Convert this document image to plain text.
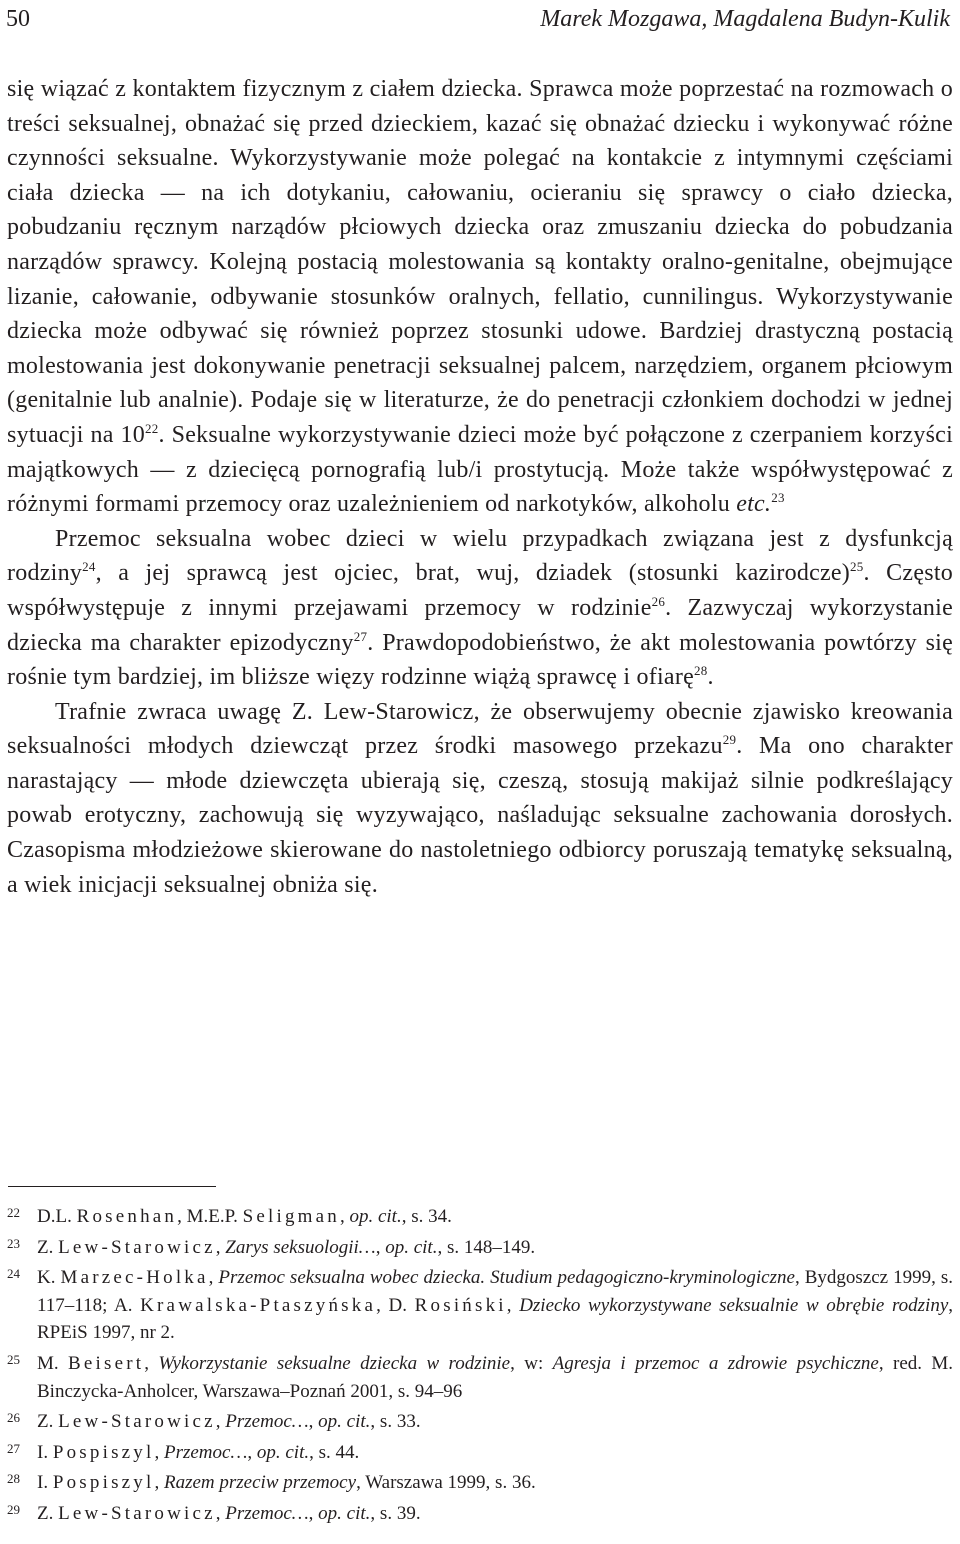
50	Marek Mozgawa, Magdalena Budyn-Kulik

się wiązać z kontaktem fizycznym z ciałem dziecka. Sprawca może poprzestać na rozmowach o treści seksualnej, obnażać się przed dzieckiem, kazać się obnażać dziecku i wykonywać różne czynności seksualne. Wykorzystywanie może polegać na kontakcie z intymnymi częściami ciała dziecka — na ich dotykaniu, całowaniu, ocieraniu się sprawcy o ciało dziecka, pobudzaniu ręcznym narządów płciowych dziecka oraz zmuszaniu dziecka do pobudzania narządów sprawcy. Kolejną postacią molestowania są kontakty oralno-genitalne, obejmujące lizanie, całowanie, odbywanie stosunków oralnych, fellatio, cunnilingus. Wykorzystywanie dziecka może odbywać się również poprzez stosunki udowe. Bardziej drastyczną postacią molestowania jest dokonywanie penetracji seksualnej palcem, narzędziem, organem płciowym (genitalnie lub analnie). Podaje się w literaturze, że do penetracji członkiem dochodzi w jednej sytuacji na $10^{22}$. Seksualne wykorzystywanie dzieci może być połączone z czerpaniem korzyści majątkowych — z dziecięcą pornografią lub/i prostytucją. Może także współwystępować z różnymi formami przemocy oraz uzależnieniem od narkotyków, alkoholu etc.$^{23}$

Przemoc seksualna wobec dzieci w wielu przypadkach związana jest z dysfunkcją rodziny$^{24}$, a jej sprawcą jest ojciec, brat, wuj, dziadek (stosunki kazirodcze)$^{25}$. Często współwystępuje z innymi przejawami przemocy w rodzinie$^{26}$. Zazwyczaj wykorzystanie dziecka ma charakter epizodyczny$^{27}$. Prawdopodobieństwo, że akt molestowania powtórzy się rośnie tym bardziej, im bliższe więzy rodzinne wiążą sprawcę i ofiarę$^{28}$.

Trafnie zwraca uwagę Z. Lew-Starowicz, że obserwujemy obecnie zjawisko kreowania seksualności młodych dziewcząt przez środki masowego przekazu$^{29}$. Ma ono charakter narastający — młode dziewczęta ubierają się, czeszą, stosują makijaż silnie podkreślający powab erotyczny, zachowują się wyzywająco, naśladując seksualne zachowania dorosłych. Czasopisma młodzieżowe skierowane do nastoletniego odbiorcy poruszają tematykę seksualną, a wiek inicjacji seksualnej obniża się.

22 D.L. Rosenhan, M.E.P. Seligman, op. cit., s. 34.
23 Z. Lew-Starowicz, Zarys seksuologii…, op. cit., s. 148–149.
24 K. Marzec-Holka, Przemoc seksualna wobec dziecka. Studium pedagogiczno-kryminologiczne, Bydgoszcz 1999, s. 117–118; A. Krawalska-Ptaszyńska, D. Rosiński, Dziecko wykorzystywane seksualnie w obrębie rodziny, RPEiS 1997, nr 2.
25 M. Beisert, Wykorzystanie seksualne dziecka w rodzinie, w: Agresja i przemoc a zdrowie psychiczne, red. M. Binczycka-Anholcer, Warszawa–Poznań 2001, s. 94–96
26 Z. Lew-Starowicz, Przemoc…, op. cit., s. 33.
27 I. Pospiszyl, Przemoc…, op. cit., s. 44.
28 I. Pospiszyl, Razem przeciw przemocy, Warszawa 1999, s. 36.
29 Z. Lew-Starowicz, Przemoc…, op. cit., s. 39.
